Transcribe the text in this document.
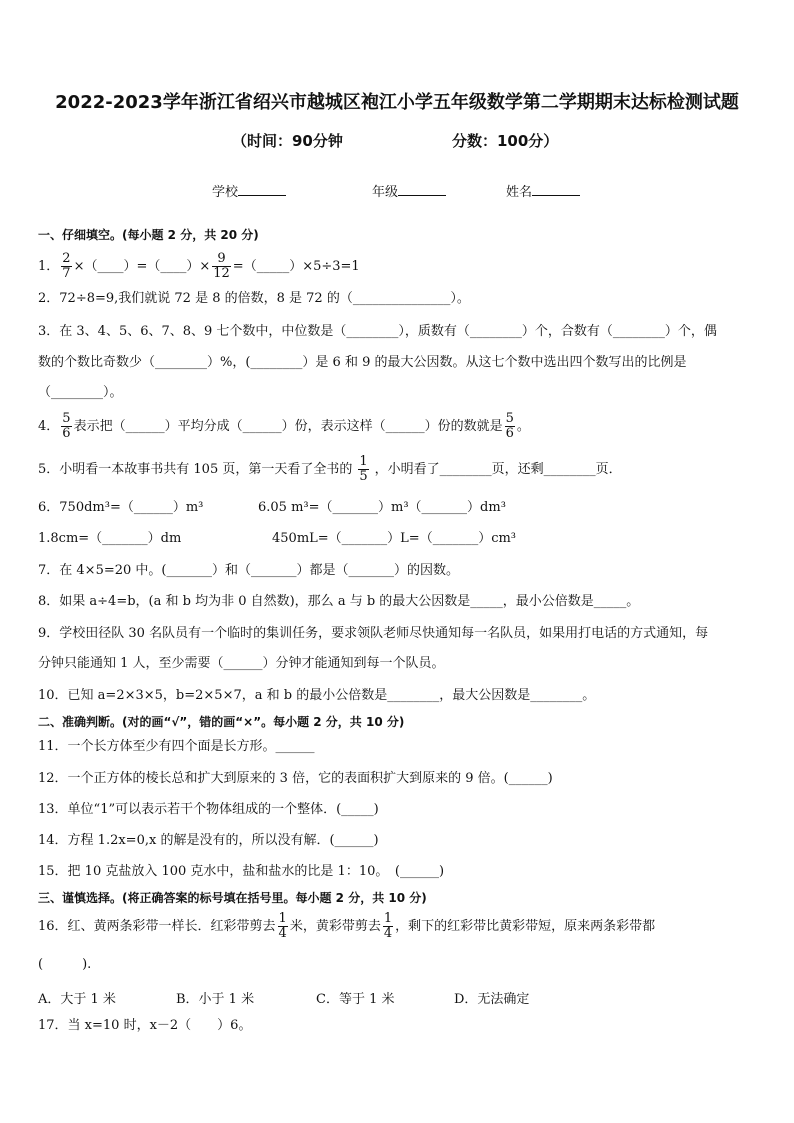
2022-2023学年浙江省绍兴市越城区袍江小学五年级数学第二学期期末达标检测试题
（时间：90分钟	分数：100分）
学校	年级	姓名
一、仔细填空。(每小题 2 分，共 20 分)
1． $\frac{2}{7}$ ×（____）=（____）× $\frac{9}{12}$ =（_____）×5÷3=1
2．72÷8=9,我们就说 72 是 8 的倍数，8 是 72 的（_______________）。
3．在 3、4、5、6、7、8、9 七个数中，中位数是（________），质数有（________）个，合数有（________）个，偶
数的个数比奇数少（________）%，(________）是 6 和 9 的最大公因数。从这七个数中选出四个数写出的比例是
（________）。
4． $\frac{5}{6}$ 表示把（______）平均分成（______）份，表示这样（______）份的数就是 $\frac{5}{6}$ 。
5．小明看一本故事书共有 105 页，第一天看了全书的 $\frac{1}{5}$ ，小明看了________页，还剩________页．
6．750dm³=（______）m³	6.05 m³=（_______）m³（_______）dm³
1.8cm=（_______）dm	450mL=（_______）L=（_______）cm³
7．在 4×5=20 中。(_______）和（_______）都是（_______）的因数。
8．如果 a÷4=b，(a 和 b 均为非 0 自然数)，那么 a 与 b 的最大公因数是_____，最小公倍数是_____。
9．学校田径队 30 名队员有一个临时的集训任务，要求领队老师尽快通知每一名队员，如果用打电话的方式通知，每
分钟只能通知 1 人，至少需要（______）分钟才能通知到每一个队员。
10．已知 a=2×3×5，b=2×5×7，a 和 b 的最小公倍数是________，最大公因数是________。
二、准确判断。(对的画“√”，错的画“×”。每小题 2 分，共 10 分)
11．一个长方体至少有四个面是长方形。______
12．一个正方体的棱长总和扩大到原来的 3 倍，它的表面积扩大到原来的 9 倍。(______)
13．单位“1”可以表示若干个物体组成的一个整体．(_____)
14．方程 1.2x=0,x 的解是没有的，所以没有解．(______)
15．把 10 克盐放入 100 克水中，盐和盐水的比是 1：10。　(______)
三、谨慎选择。(将正确答案的标号填在括号里。每小题 2 分，共 10 分)
16．红、黄两条彩带一样长．红彩带剪去 $\frac{1}{4}$ 米，黄彩带剪去 $\frac{1}{4}$ ，剩下的红彩带比黄彩带短，原来两条彩带都
(　　　).
A．大于 1 米	B．小于 1 米	C．等于 1 米	D．无法确定
17．当 x=10 时，x－2（　　）6。
